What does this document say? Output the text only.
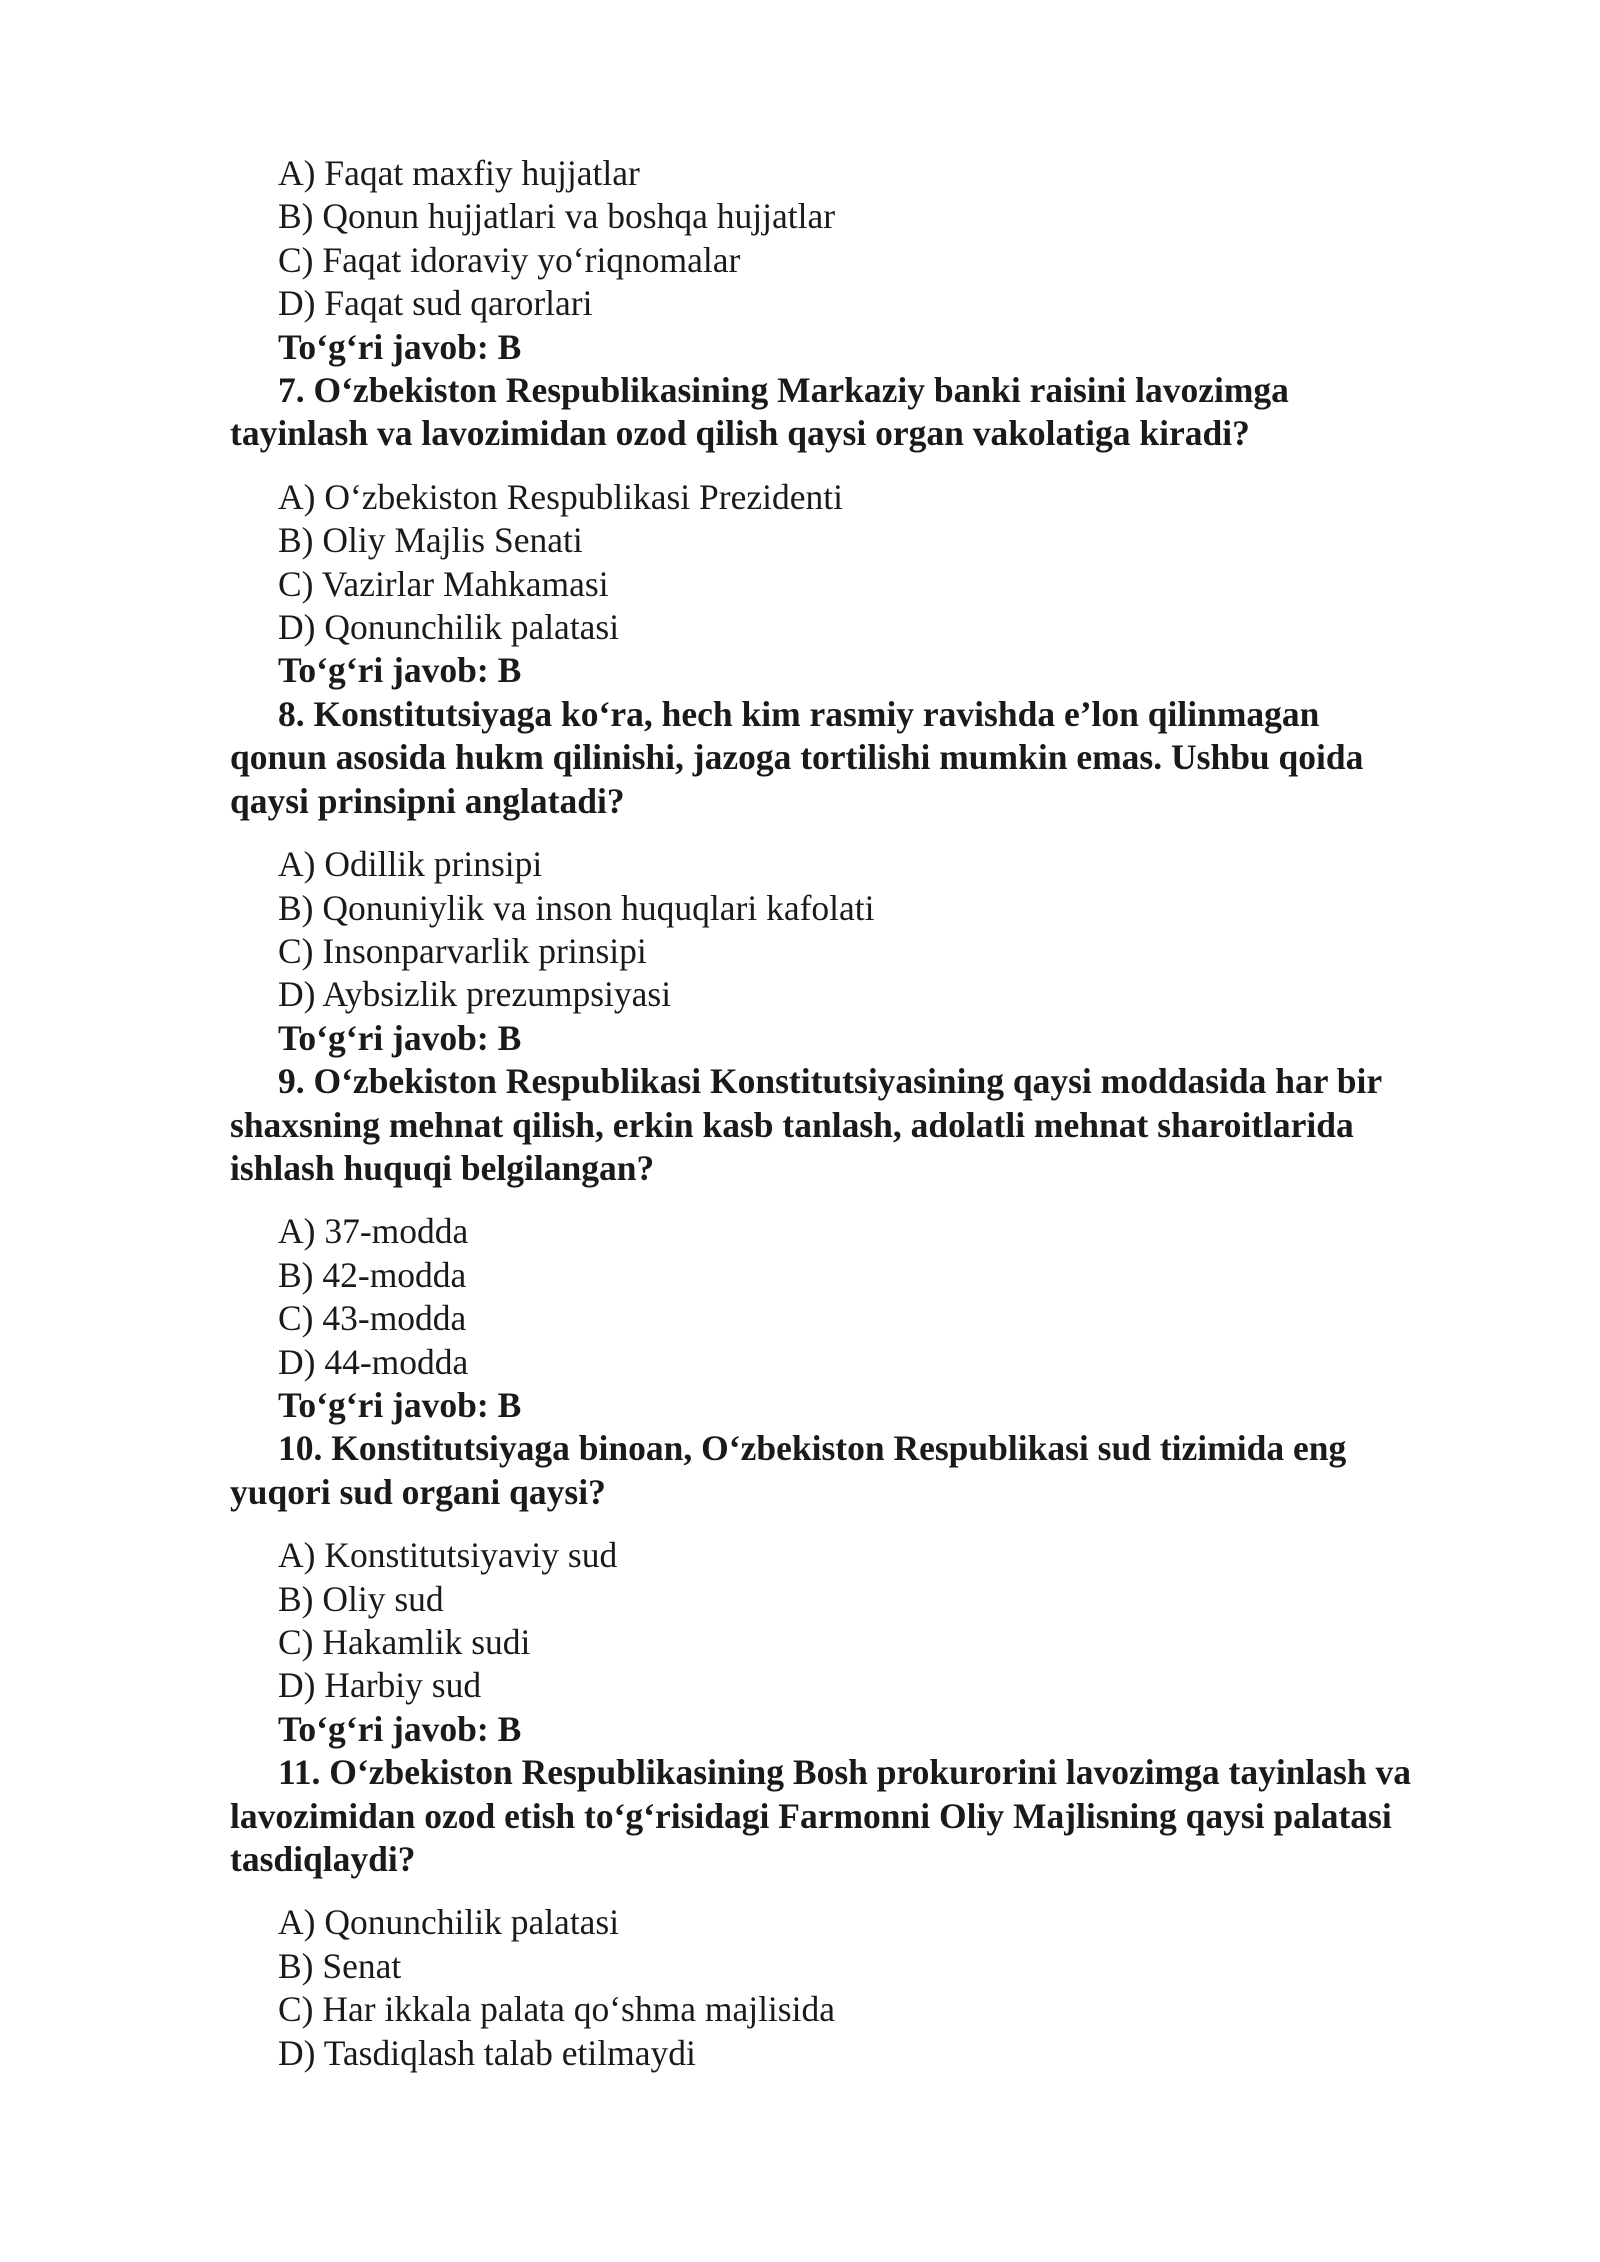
A) Faqat maxfiy hujjatlar
B) Qonun hujjatlari va boshqa hujjatlar
C) Faqat idoraviy yo‘riqnomalar
D) Faqat sud qarorlari
To‘g‘ri javob: B
7. O‘zbekiston Respublikasining Markaziy banki raisini lavozimga
tayinlash va lavozimidan ozod qilish qaysi organ vakolatiga kiradi?
A) O‘zbekiston Respublikasi Prezidenti
B) Oliy Majlis Senati
C) Vazirlar Mahkamasi
D) Qonunchilik palatasi
To‘g‘ri javob: B
8. Konstitutsiyaga ko‘ra, hech kim rasmiy ravishda e’lon qilinmagan
qonun asosida hukm qilinishi, jazoga tortilishi mumkin emas. Ushbu qoida
qaysi prinsipni anglatadi?
A) Odillik prinsipi
B) Qonuniylik va inson huquqlari kafolati
C) Insonparvarlik prinsipi
D) Aybsizlik prezumpsiyasi
To‘g‘ri javob: B
9. O‘zbekiston Respublikasi Konstitutsiyasining qaysi moddasida har bir
shaxsning mehnat qilish, erkin kasb tanlash, adolatli mehnat sharoitlarida
ishlash huquqi belgilangan?
A) 37-modda
B) 42-modda
C) 43-modda
D) 44-modda
To‘g‘ri javob: B
10. Konstitutsiyaga binoan, O‘zbekiston Respublikasi sud tizimida eng
yuqori sud organi qaysi?
A) Konstitutsiyaviy sud
B) Oliy sud
C) Hakamlik sudi
D) Harbiy sud
To‘g‘ri javob: B
11. O‘zbekiston Respublikasining Bosh prokurorini lavozimga tayinlash va
lavozimidan ozod etish to‘g‘risidagi Farmonni Oliy Majlisning qaysi palatasi
tasdiqlaydi?
A) Qonunchilik palatasi
B) Senat
C) Har ikkala palata qo‘shma majlisida
D) Tasdiqlash talab etilmaydi
